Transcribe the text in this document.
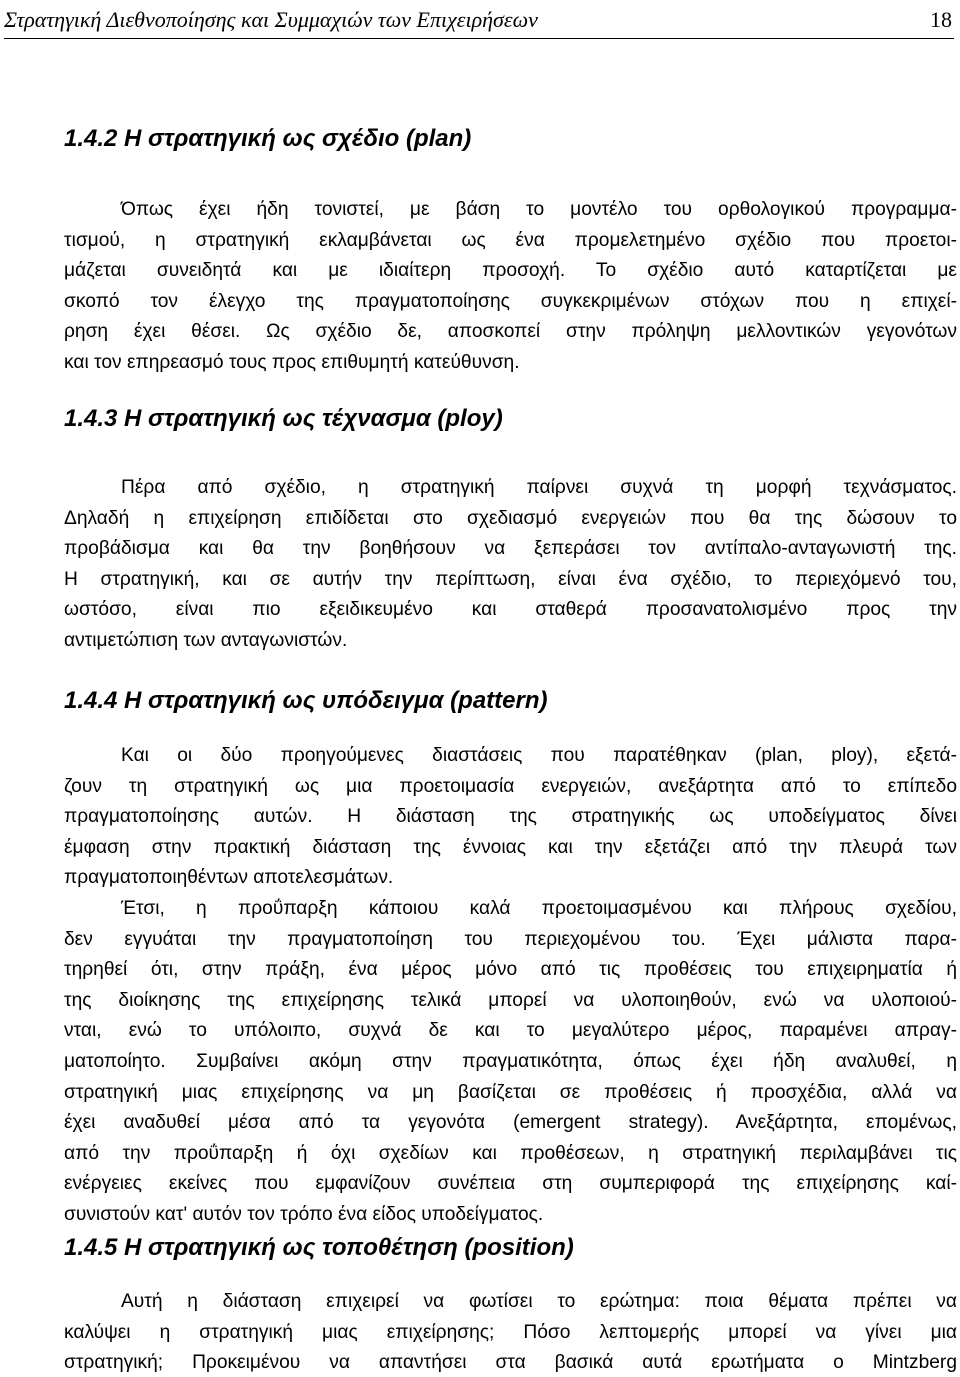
Στρατηγική Διεθνοποίησης και Συμμαχιών των Επιχειρήσεων	18
1.4.2 Η στρατηγική ως σχέδιο (plan)
Όπως έχει ήδη τονιστεί, με βάση το μοντέλο του ορθολογικού προγραμμα-
τισμού, η στρατηγική εκλαμβάνεται ως ένα προμελετημένο σχέδιο που προετοι-
μάζεται συνειδητά και με ιδιαίτερη προσοχή. Το σχέδιο αυτό καταρτίζεται με
σκοπό τον έλεγχο της πραγματοποίησης συγκεκριμένων στόχων που η επιχεί-
ρηση έχει θέσει. Ως σχέδιο δε, αποσκοπεί στην πρόληψη μελλοντικών γεγονότων
και τον επηρεασμό τους προς επιθυμητή κατεύθυνση.
1.4.3 Η στρατηγική ως τέχνασμα (ploy)
Πέρα από σχέδιο, η στρατηγική παίρνει συχνά τη μορφή τεχνάσματος.
Δηλαδή η επιχείρηση επιδίδεται στο σχεδιασμό ενεργειών που θα της δώσουν το
προβάδισμα και θα την βοηθήσουν να ξεπεράσει τον αντίπαλο-ανταγωνιστή της.
Η στρατηγική, και σε αυτήν την περίπτωση, είναι ένα σχέδιο, το περιεχόμενό του,
ωστόσο, είναι πιο εξειδικευμένο και σταθερά προσανατολισμένο προς την
αντιμετώπιση των ανταγωνιστών.
1.4.4 Η στρατηγική ως υπόδειγμα (pattern)
Και οι δύο προηγούμενες διαστάσεις που παρατέθηκαν (plan, ploy), εξετά-
ζουν τη στρατηγική ως μια προετοιμασία ενεργειών, ανεξάρτητα από το επίπεδο
πραγματοποίησης αυτών. Η διάσταση της στρατηγικής ως υποδείγματος δίνει
έμφαση στην πρακτική διάσταση της έννοιας και την εξετάζει από την πλευρά των
πραγματοποιηθέντων αποτελεσμάτων.
Έτσι, η προΰπαρξη κάποιου καλά προετοιμασμένου και πλήρους σχεδίου,
δεν εγγυάται την πραγματοποίηση του περιεχομένου του. Έχει μάλιστα παρα-
τηρηθεί ότι, στην πράξη, ένα μέρος μόνο από τις προθέσεις του επιχειρηματία ή
της διοίκησης της επιχείρησης τελικά μπορεί να υλοποιηθούν, ενώ να υλοποιού-
νται, ενώ το υπόλοιπο, συχνά δε και το μεγαλύτερο μέρος, παραμένει απραγ-
ματοποίητο. Συμβαίνει ακόμη στην πραγματικότητα, όπως έχει ήδη αναλυθεί, η
στρατηγική μιας επιχείρησης να μη βασίζεται σε προθέσεις ή προσχέδια, αλλά να
έχει αναδυθεί μέσα από τα γεγονότα (emergent strategy). Ανεξάρτητα, επομένως,
από την προΰπαρξη ή όχι σχεδίων και προθέσεων, η στρατηγική περιλαμβάνει τις
ενέργειες εκείνες που εμφανίζουν συνέπεια στη συμπεριφορά της επιχείρησης καί-
συνιστούν κατ' αυτόν τον τρόπο ένα είδος υποδείγματος.
1.4.5 Η στρατηγική ως τοποθέτηση (position)
Αυτή η διάσταση επιχειρεί να φωτίσει το ερώτημα: ποια θέματα πρέπει να
καλύψει η στρατηγική μιας επιχείρησης; Πόσο λεπτομερής μπορεί να γίνει μια
στρατηγική; Προκειμένου να απαντήσει στα βασικά αυτά ερωτήματα ο Mintzberg
